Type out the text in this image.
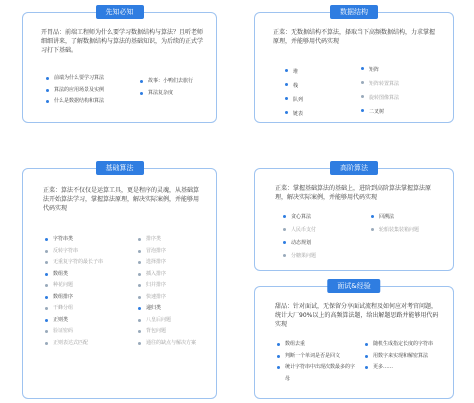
先知必知
开胃品：前端工程师为什么要学习数据结构与算法？且听老师细细讲来，了解数据结构与算法的基础知识，为后续的正式学习打下基础。
前端为什么要学习算法
算法的应用场景及实例
什么是数据结构和算法
故事：小鸭们去旅行
算法复杂度
数据结构
正菜：无数据结构不算法，择取当下高频数据结构，力求掌握原理，并能够用代码实现
堆
栈
队列
链表
矩阵
矩阵转置算法
旋转图像算法
二叉树
基础算法
正菜：算法不仅仅是运算工具，更是程序的灵魂，从基础算法开始算法学习，掌握算法原理，解决实际案例，并能够用代码实现
字符串类
反转字符串
无重复字符的最长子串
数组类
种花问题
数组排序
干蜂分组
正则类
验证密码
正则表达式匹配
排序类
冒泡排序
选择排序
插入排序
归并排序
快速排序
递归类
八皇后问题
背包问题
通往的缺点与解决方案
高阶算法
正菜：掌握基础算法的基础上，进阶到高阶算法掌握算法原理，解决实际案例，并能够用代码实现
贪心算法
人民币支付
动态规划
分糖果问题
回溯法
轮船装集装箱问题
面试&经验
甜品：针对面试，无保留分享面试流程及如何应对考官问题，统计大厂90%以上的高频算法题，给出解题思路并能够用代码实现
数组去重
判断一个单词是否是回文
统计字符串中出现次数最多的字母
随机生成指定长度的字符串
用数字来实现和解密算法
更多……
